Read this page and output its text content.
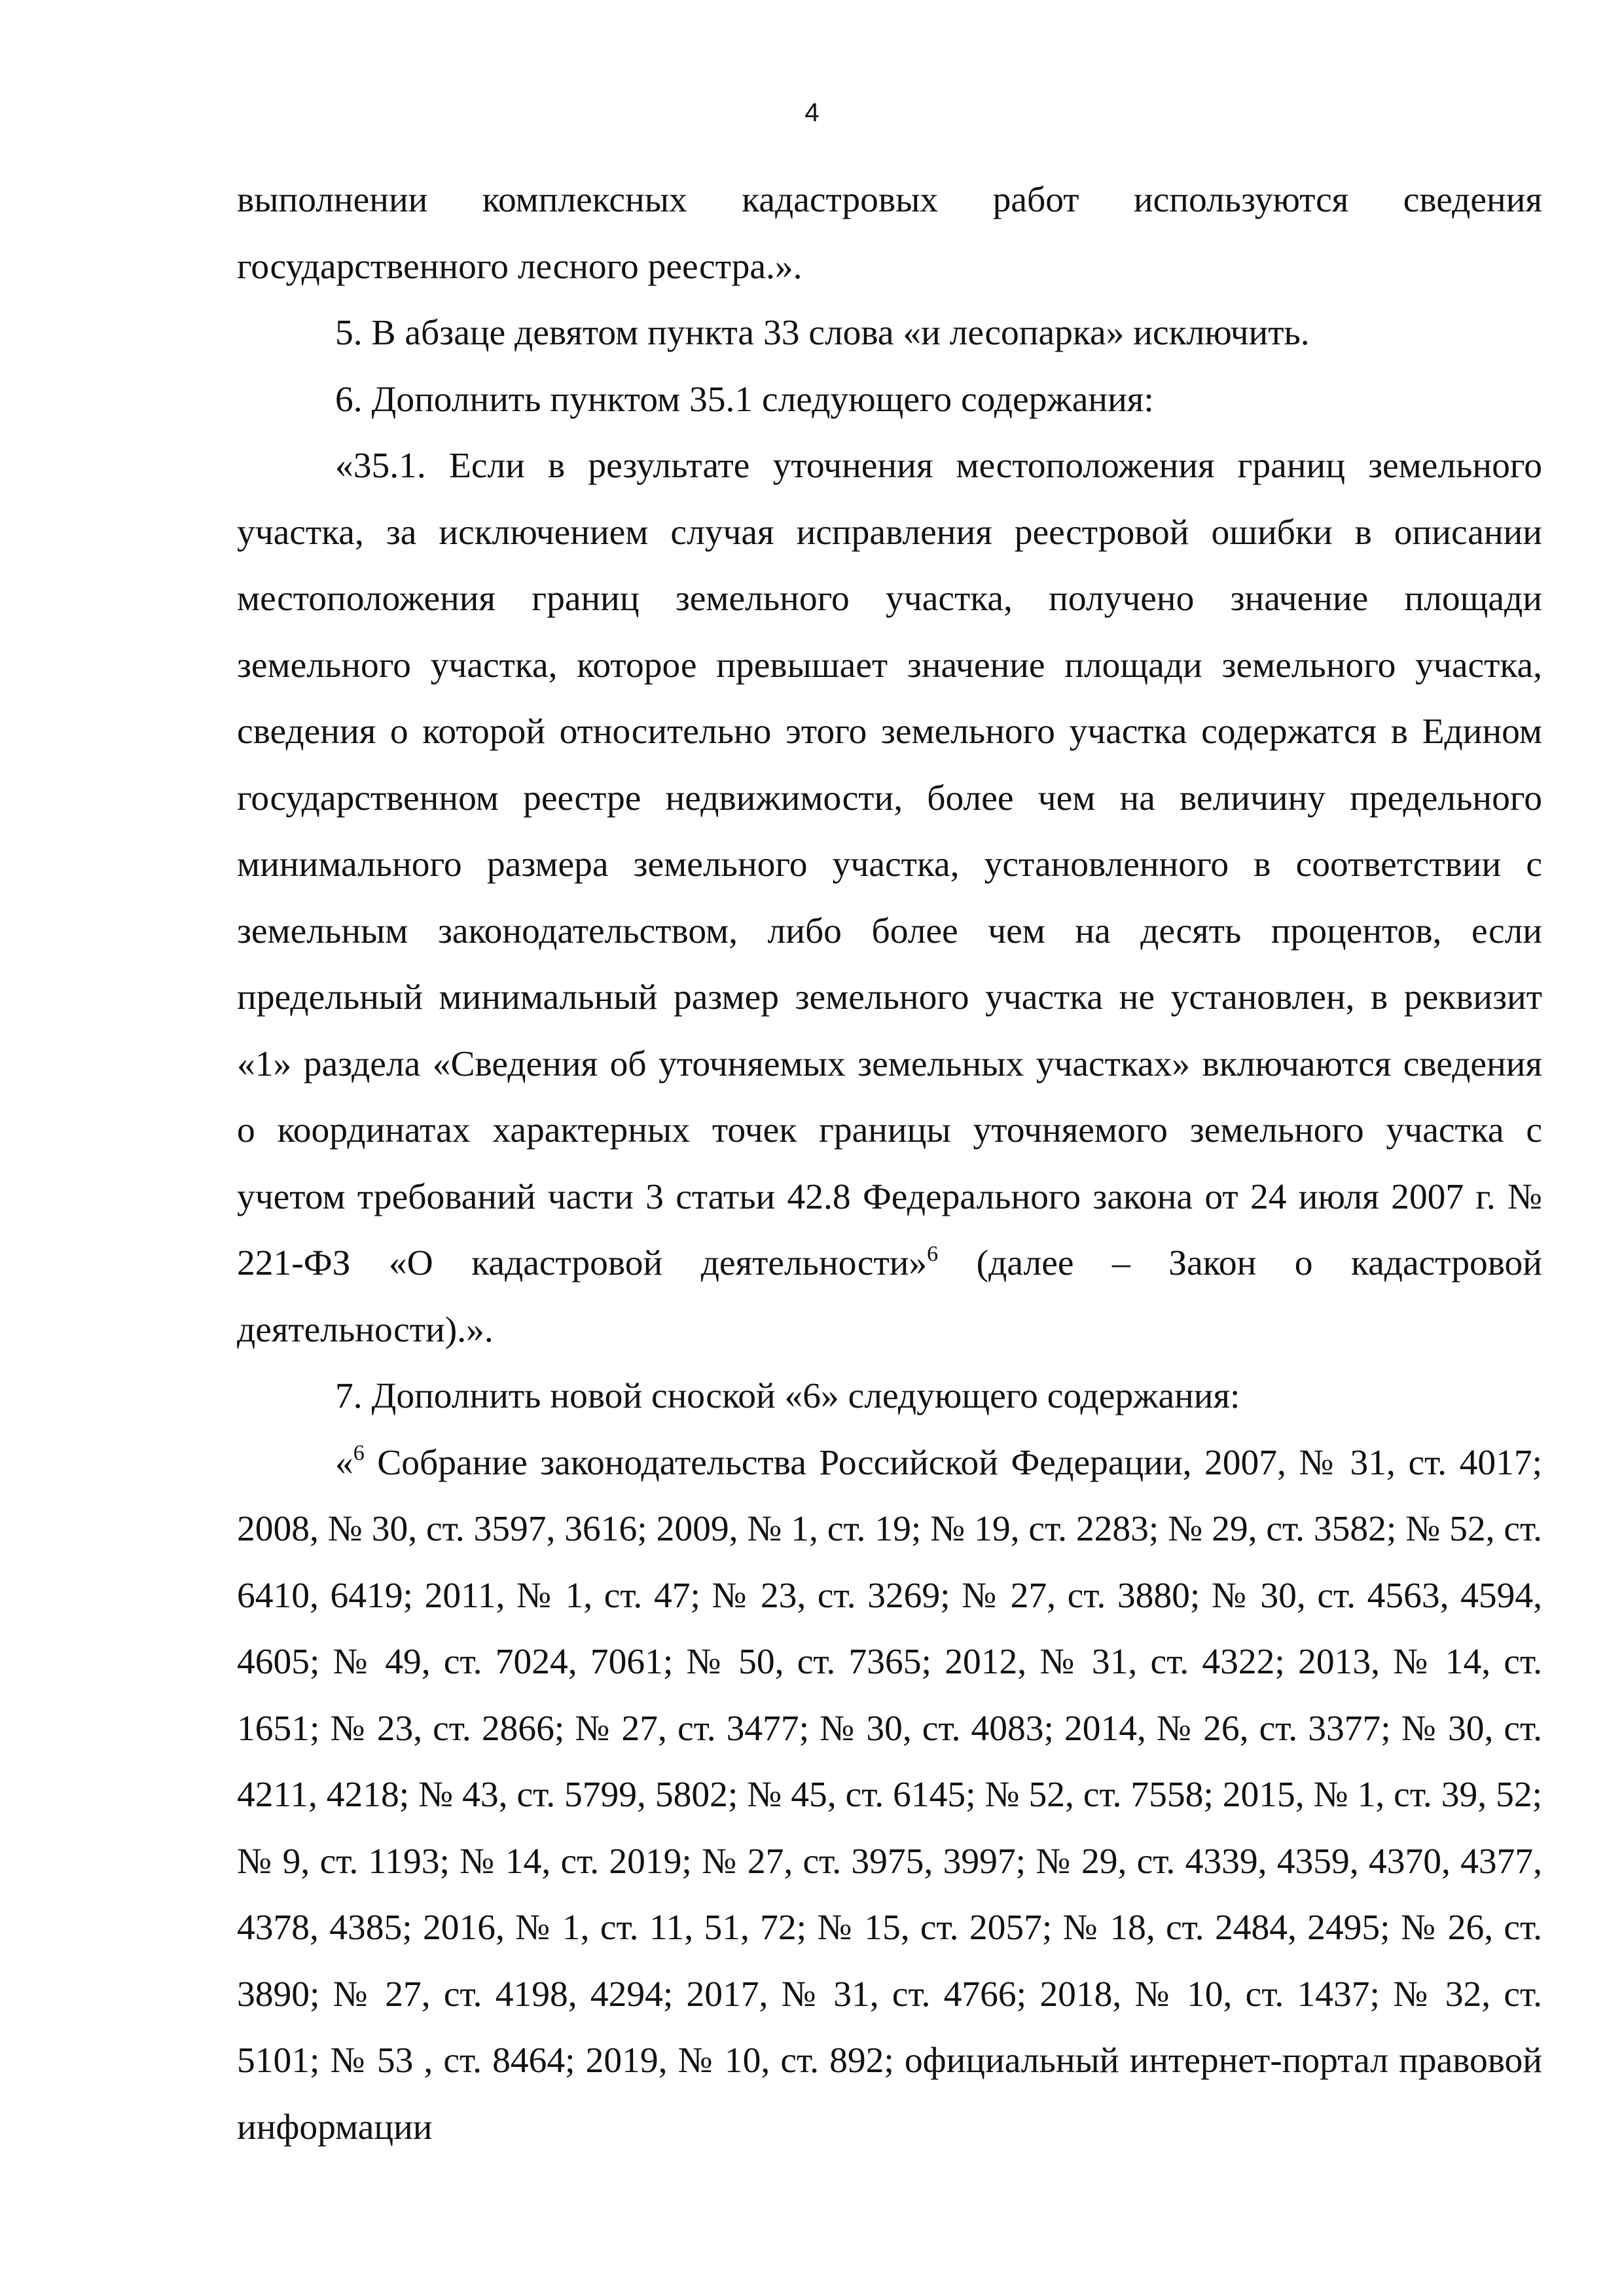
4

выполнении комплексных кадастровых работ используются сведения государственного лесного реестра.».

5. В абзаце девятом пункта 33 слова «и лесопарка» исключить.

6. Дополнить пунктом 35.1 следующего содержания:

«35.1. Если в результате уточнения местоположения границ земельного участка, за исключением случая исправления реестровой ошибки в описании местоположения границ земельного участка, получено значение площади земельного участка, которое превышает значение площади земельного участка, сведения о которой относительно этого земельного участка содержатся в Едином государственном реестре недвижимости, более чем на величину предельного минимального размера земельного участка, установленного в соответствии с земельным законодательством, либо более чем на десять процентов, если предельный минимальный размер земельного участка не установлен, в реквизит «1» раздела «Сведения об уточняемых земельных участках» включаются сведения о координатах характерных точек границы уточняемого земельного участка с учетом требований части 3 статьи 42.8 Федерального закона от 24 июля 2007 г. № 221-ФЗ «О кадастровой деятельности»$^6$ (далее – Закон о кадастровой деятельности).».

7. Дополнить новой сноской «6» следующего содержания:

«$^6$ Собрание законодательства Российской Федерации, 2007, № 31, ст. 4017; 2008, № 30, ст. 3597, 3616; 2009, № 1, ст. 19; № 19, ст. 2283; № 29, ст. 3582; № 52, ст. 6410, 6419; 2011, № 1, ст. 47; № 23, ст. 3269; № 27, ст. 3880; № 30, ст. 4563, 4594, 4605; № 49, ст. 7024, 7061; № 50, ст. 7365; 2012, № 31, ст. 4322; 2013, № 14, ст. 1651; № 23, ст. 2866; № 27, ст. 3477; № 30, ст. 4083; 2014, № 26, ст. 3377; № 30, ст. 4211, 4218; № 43, ст. 5799, 5802; № 45, ст. 6145; № 52, ст. 7558; 2015, № 1, ст. 39, 52; № 9, ст. 1193; № 14, ст. 2019; № 27, ст. 3975, 3997; № 29, ст. 4339, 4359, 4370, 4377, 4378, 4385; 2016, № 1, ст. 11, 51, 72; № 15, ст. 2057; № 18, ст. 2484, 2495; № 26, ст. 3890; № 27, ст. 4198, 4294; 2017, № 31, ст. 4766; 2018, № 10, ст. 1437; № 32, ст. 5101; № 53 , ст. 8464; 2019, № 10, ст. 892; официальный интернет-портал правовой информации
